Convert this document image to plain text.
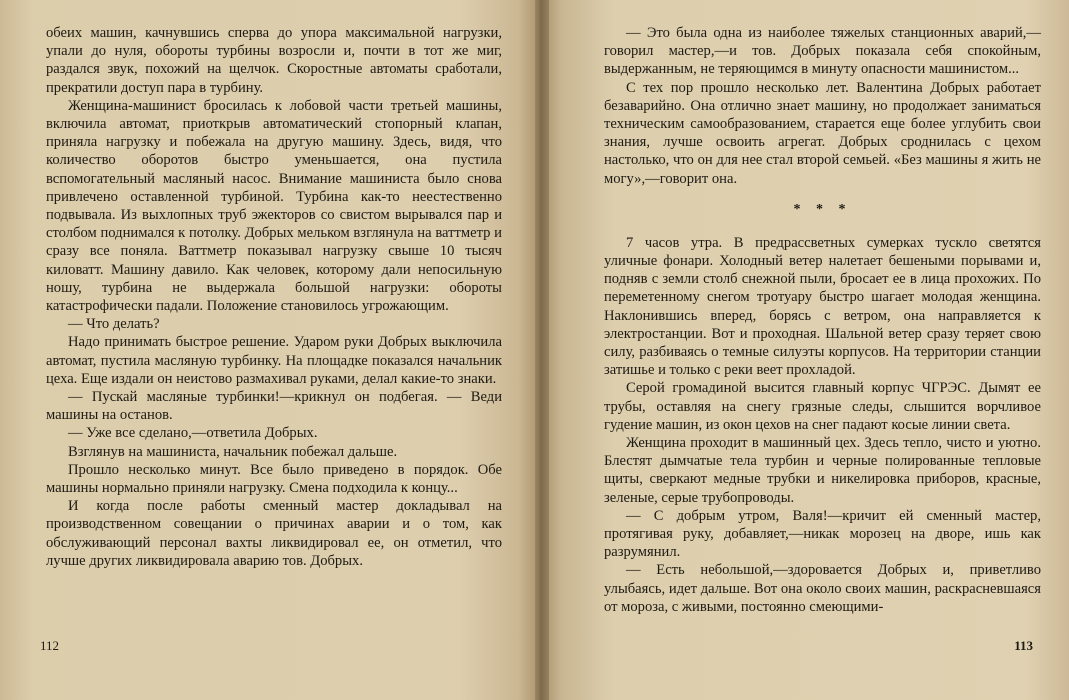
обеих машин, качнувшись сперва до упора максимальной нагрузки, упали до нуля, обороты турбины возросли и, почти в тот же миг, раздался звук, похожий на щелчок. Скоростные автоматы сработали, прекратили доступ пара в турбину.

Женщина-машинист бросилась к лобовой части третьей машины, включила автомат, приоткрыв автоматический стопорный клапан, приняла нагрузку и побежала на другую машину. Здесь, видя, что количество оборотов быстро уменьшается, она пустила вспомогательный масляный насос. Внимание машиниста было снова привлечено оставленной турбиной. Турбина как-то неестественно подвывала. Из выхлопных труб эжекторов со свистом вырывался пар и столбом поднимался к потолку. Добрых мельком взглянула на ваттметр и сразу все поняла. Ваттметр показывал нагрузку свыше 10 тысяч киловатт. Машину давило. Как человек, которому дали непосильную ношу, турбина не выдержала большой нагрузки: обороты катастрофически падали. Положение становилось угрожающим.

— Что делать?

Надо принимать быстрое решение. Ударом руки Добрых выключила автомат, пустила масляную турбинку. На площадке показался начальник цеха. Еще издали он неистово размахивал руками, делал какие-то знаки.

— Пускай масляные турбинки!—крикнул он подбегая. — Веди машины на останов.

— Уже все сделано,—ответила Добрых.

Взглянув на машиниста, начальник побежал дальше.

Прошло несколько минут. Все было приведено в порядок. Обе машины нормально приняли нагрузку. Смена подходила к концу...

И когда после работы сменный мастер докладывал на производственном совещании о причинах аварии и о том, как обслуживающий персонал вахты ликвидировал ее, он отметил, что лучше других ликвидировала аварию тов. Добрых.

112

— Это была одна из наиболее тяжелых станционных аварий,—говорил мастер,—и тов. Добрых показала себя спокойным, выдержанным, не теряющимся в минуту опасности машинистом...

С тех пор прошло несколько лет. Валентина Добрых работает безаварийно. Она отлично знает машину, но продолжает заниматься техническим самообразованием, старается еще более углубить свои знания, лучше освоить агрегат. Добрых сроднилась с цехом настолько, что он для нее стал второй семьей. «Без машины я жить не могу»,—говорит она.

* * *

7 часов утра. В предрассветных сумерках тускло светятся уличные фонари. Холодный ветер налетает бешеными порывами и, подняв с земли столб снежной пыли, бросает ее в лица прохожих. По переметенному снегом тротуару быстро шагает молодая женщина. Наклонившись вперед, борясь с ветром, она направляется к электростанции. Вот и проходная. Шальной ветер сразу теряет свою силу, разбиваясь о темные силуэты корпусов. На территории станции затишье и только с реки веет прохладой.

Серой громадиной высится главный корпус ЧГРЭС. Дымят ее трубы, оставляя на снегу грязные следы, слышится ворчливое гудение машин, из окон цехов на снег падают косые линии света.

Женщина проходит в машинный цех. Здесь тепло, чисто и уютно. Блестят дымчатые тела турбин и черные полированные тепловые щиты, сверкают медные трубки и никелировка приборов, красные, зеленые, серые трубопроводы.

— С добрым утром, Валя!—кричит ей сменный мастер, протягивая руку, добавляет,—никак морозец на дворе, ишь как разрумянил.

— Есть небольшой,—здоровается Добрых и, приветливо улыбаясь, идет дальше. Вот она около своих машин, раскрасневшаяся от мороза, с живыми, постоянно смеющими-

113
